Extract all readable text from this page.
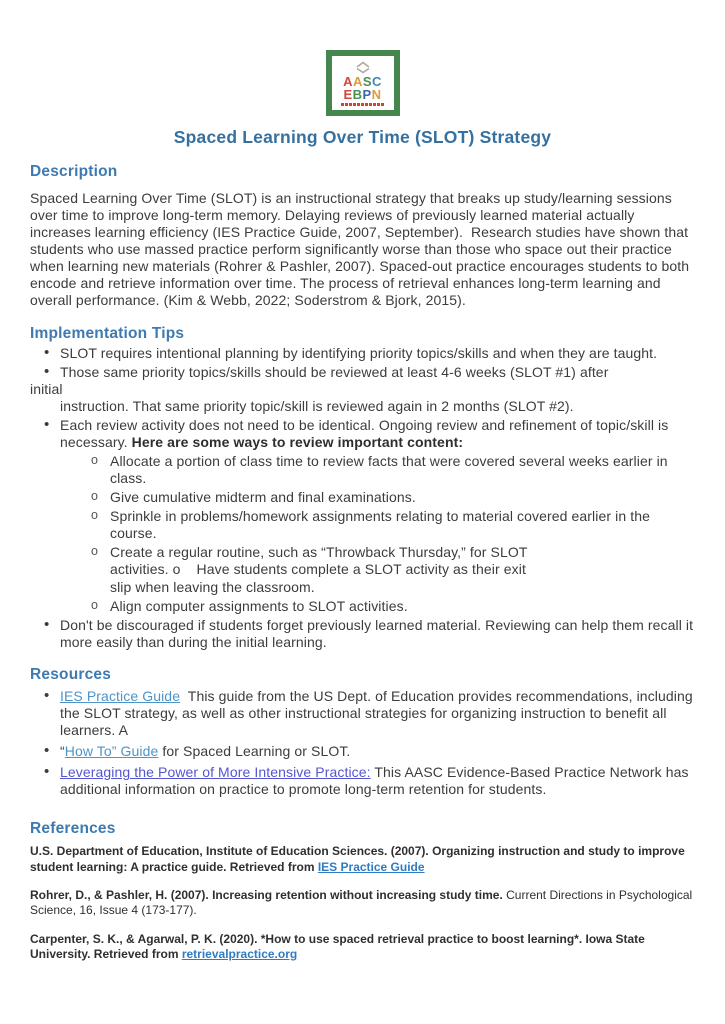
AASC
EBPN
Spaced Learning Over Time (SLOT) Strategy
Description
Spaced Learning Over Time (SLOT) is an instructional strategy that breaks up study/learning sessions over time to improve long-term memory. Delaying reviews of previously learned material actually increases learning efficiency (IES Practice Guide, 2007, September).  Research studies have shown that students who use massed practice perform significantly worse than those who space out their practice when learning new materials (Rohrer & Pashler, 2007). Spaced-out practice encourages students to both encode and retrieve information over time. The process of retrieval enhances long-term learning and overall performance. (Kim & Webb, 2022; Soderstrom & Bjork, 2015).
Implementation Tips
• SLOT requires intentional planning by identifying priority topics/skills and when they are taught.
• Those same priority topics/skills should be reviewed at least 4-6 weeks (SLOT #1) after
initial
instruction. That same priority topic/skill is reviewed again in 2 months (SLOT #2).
• Each review activity does not need to be identical. Ongoing review and refinement of topic/skill is necessary. Here are some ways to review important content:
o Allocate a portion of class time to review facts that were covered several weeks earlier in class.
o Give cumulative midterm and final examinations.
o Sprinkle in problems/homework assignments relating to material covered earlier in the course.
o Create a regular routine, such as “Throwback Thursday,” for SLOT
activities. o    Have students complete a SLOT activity as their exit
slip when leaving the classroom.
o Align computer assignments to SLOT activities.
• Don't be discouraged if students forget previously learned material. Reviewing can help them recall it more easily than during the initial learning.
Resources
• IES Practice Guide  This guide from the US Dept. of Education provides recommendations, including the SLOT strategy, as well as other instructional strategies for organizing instruction to benefit all learners. A
• “How To” Guide for Spaced Learning or SLOT.
• Leveraging the Power of More Intensive Practice: This AASC Evidence-Based Practice Network has additional information on practice to promote long-term retention for students.
References
U.S. Department of Education, Institute of Education Sciences. (2007). Organizing instruction and study to improve student learning: A practice guide. Retrieved from IES Practice Guide
Rohrer, D., & Pashler, H. (2007). Increasing retention without increasing study time. Current Directions in Psychological Science, 16, Issue 4 (173-177).
Carpenter, S. K., & Agarwal, P. K. (2020). *How to use spaced retrieval practice to boost learning*. Iowa State University. Retrieved from retrievalpractice.org
